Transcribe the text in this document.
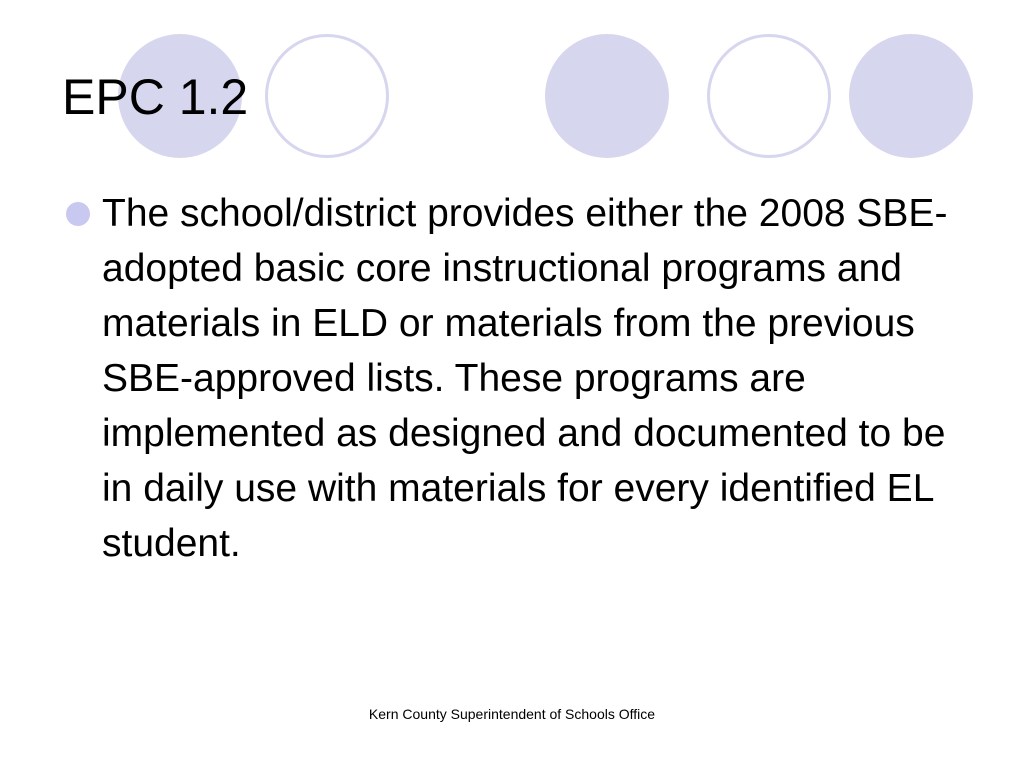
EPC 1.2

The school/district provides either the 2008 SBE-adopted basic core instructional programs and materials in ELD or materials from the previous SBE-approved lists. These programs are implemented as designed and documented to be in daily use with materials for every identified EL student.

Kern County Superintendent of Schools Office
